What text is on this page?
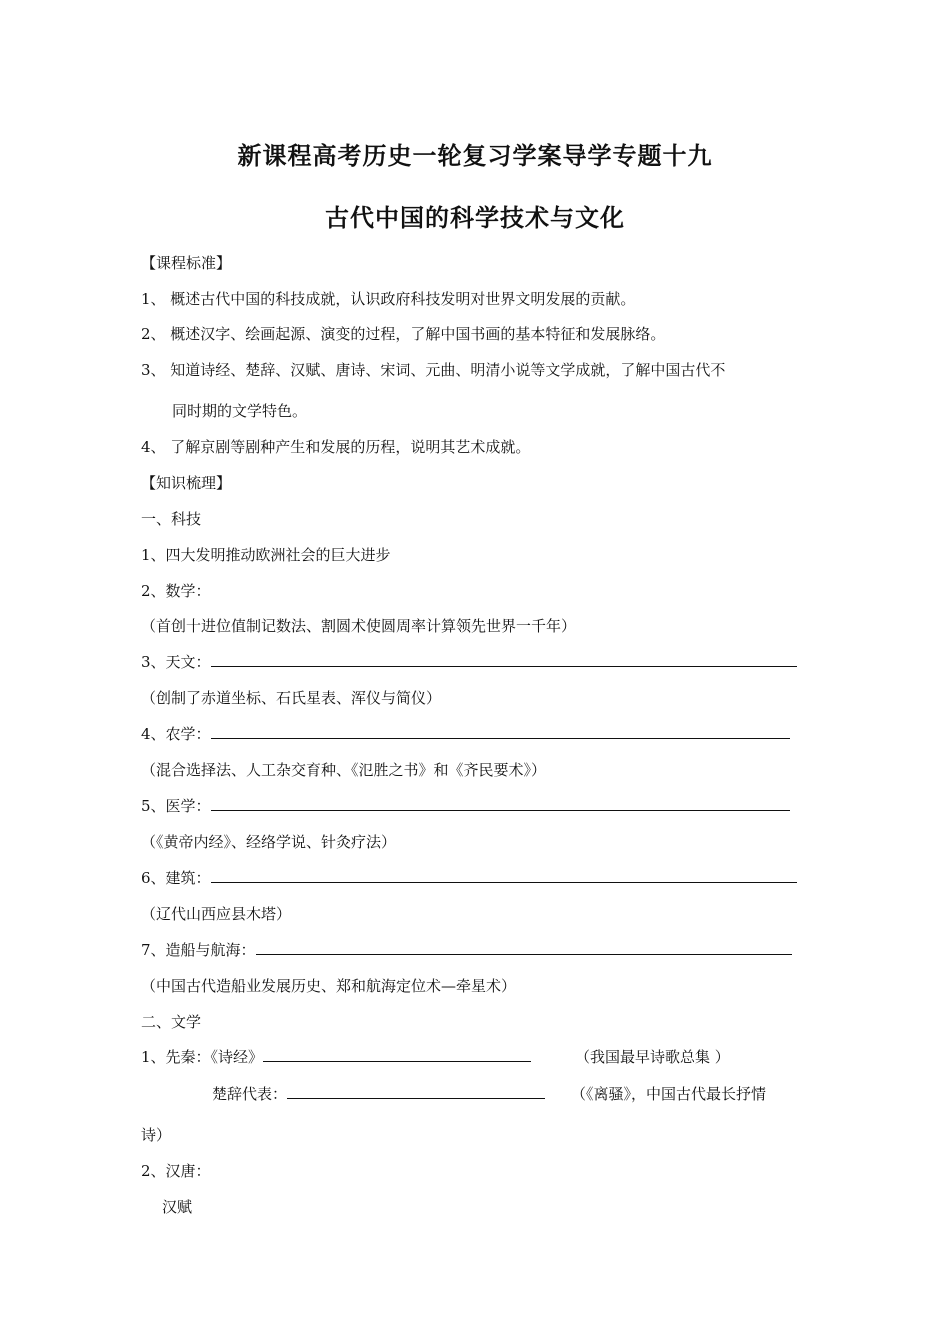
新课程高考历史一轮复习学案导学专题十九
古代中国的科学技术与文化
【课程标准】
1、 概述古代中国的科技成就，认识政府科技发明对世界文明发展的贡献。
2、 概述汉字、绘画起源、演变的过程，了解中国书画的基本特征和发展脉络。
3、 知道诗经、楚辞、汉赋、唐诗、宋词、元曲、明清小说等文学成就，了解中国古代不
同时期的文学特色。
4、 了解京剧等剧种产生和发展的历程，说明其艺术成就。
【知识梳理】
一、科技
1、四大发明推动欧洲社会的巨大进步
2、数学：
（首创十进位值制记数法、割圆术使圆周率计算领先世界一千年）
3、天文：
（创制了赤道坐标、石氏星表、浑仪与简仪）
4、农学：
（混合选择法、人工杂交育种、《氾胜之书》和《齐民要术》）
5、医学：
（《黄帝内经》、经络学说、针灸疗法）
6、建筑：
（辽代山西应县木塔）
7、造船与航海：
（中国古代造船业发展历史、郑和航海定位术—牵星术）
二、文学
1、先秦：《诗经》	（我国最早诗歌总集 ）
楚辞代表：	（《离骚》，中国古代最长抒情
诗）
2、汉唐：
汉赋
